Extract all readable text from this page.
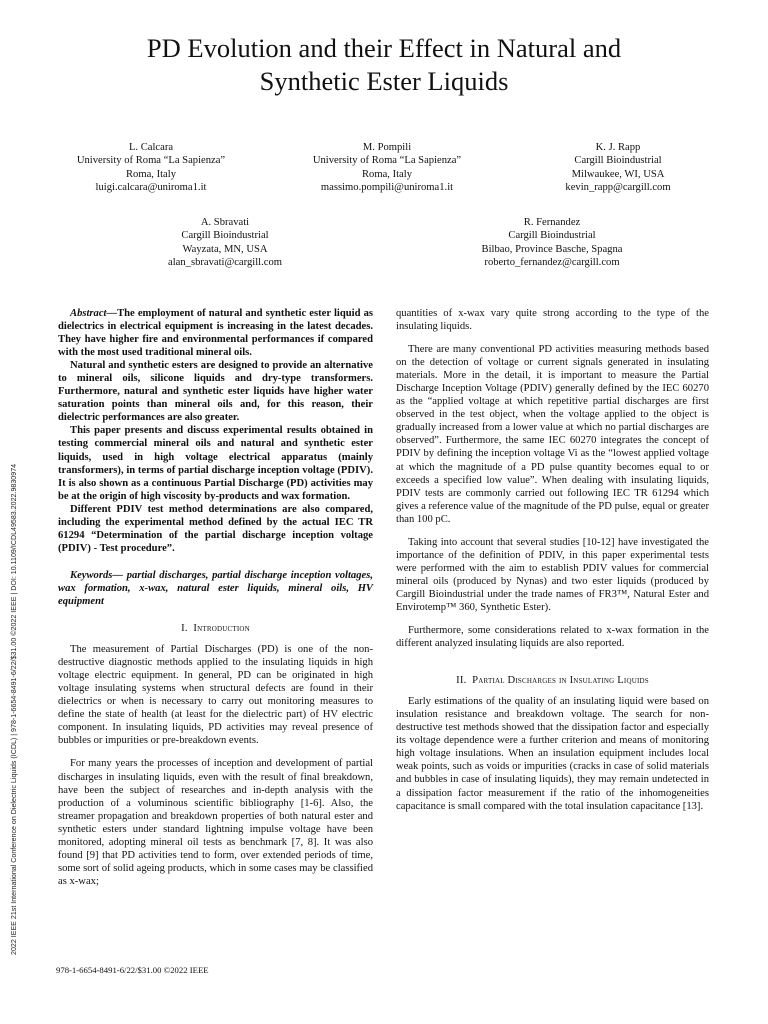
PD Evolution and their Effect in Natural and
Synthetic Ester Liquids
L. Calcara
University of Roma “La Sapienza”
Roma, Italy
luigi.calcara@uniroma1.it
M. Pompili
University of Roma “La Sapienza”
Roma, Italy
massimo.pompili@uniroma1.it
K. J. Rapp
Cargill Bioindustrial
Milwaukee, WI, USA
kevin_rapp@cargill.com
A. Sbravati
Cargill Bioindustrial
Wayzata, MN, USA
alan_sbravati@cargill.com
R. Fernandez
Cargill Bioindustrial
Bilbao, Province Basche, Spagna
roberto_fernandez@cargill.com

Abstract—The employment of natural and synthetic ester liquid as dielectrics in electrical equipment is increasing in the latest decades. They have higher fire and environmental performances if compared with the most used traditional mineral oils.

Natural and synthetic esters are designed to provide an alternative to mineral oils, silicone liquids and dry-type transformers. Furthermore, natural and synthetic ester liquids have higher water saturation points than mineral oils and, for this reason, their dielectric performances are also greater.

This paper presents and discuss experimental results obtained in testing commercial mineral oils and natural and synthetic ester liquids, used in high voltage electrical apparatus (mainly transformers), in terms of partial discharge inception voltage (PDIV). It is also shown as a continuous Partial Discharge (PD) activities may be at the origin of high viscosity by-products and wax formation.

Different PDIV test method determinations are also compared, including the experimental method defined by the actual IEC TR 61294 “Determination of the partial discharge inception voltage (PDIV) - Test procedure”.

Keywords— partial discharges, partial discharge inception voltages, wax formation, x-wax, natural ester liquids, mineral oils, HV equipment

I. Introduction

The measurement of Partial Discharges (PD) is one of the non-destructive diagnostic methods applied to the insulating liquids in high voltage electric equipment. In general, PD can be originated in high voltage insulating systems when structural defects are found in their dielectrics or when is necessary to carry out monitoring measures to define the state of health (at least for the dielectric part) of HV electric component. In insulating liquids, PD activities may reveal presence of bubbles or impurities or pre-breakdown events.

For many years the processes of inception and development of partial discharges in insulating liquids, even with the result of final breakdown, have been the subject of researches and in-depth analysis with the production of a voluminous scientific bibliography [1-6]. Also, the streamer propagation and breakdown properties of both natural ester and synthetic esters under standard lightning impulse voltage have been monitored, adopting mineral oil tests as benchmark [7, 8]. It was also found [9] that PD activities tend to form, over extended periods of time, some sort of solid ageing products, which in some cases may be classified as x-wax;

quantities of x-wax vary quite strong according to the type of the insulating liquids.

There are many conventional PD activities measuring methods based on the detection of voltage or current signals generated in insulating materials. More in the detail, it is important to measure the Partial Discharge Inception Voltage (PDIV) generally defined by the IEC 60270 as the “applied voltage at which repetitive partial discharges are first observed in the test object, when the voltage applied to the object is gradually increased from a lower value at which no partial discharges are observed”. Furthermore, the same IEC 60270 integrates the concept of PDIV by defining the inception voltage Vi as the “lowest applied voltage at which the magnitude of a PD pulse quantity becomes equal to or exceeds a specified low value”. When dealing with insulating liquids, PDIV tests are commonly carried out following IEC TR 61294 which gives a reference value of the magnitude of the PD pulse, equal or greater than 100 pC.

Taking into account that several studies [10-12] have investigated the importance of the definition of PDIV, in this paper experimental tests were performed with the aim to establish PDIV values for commercial mineral oils (produced by Nynas) and two ester liquids (produced by Cargill Bioindustrial under the trade names of FR3™, Natural Ester and Envirotemp™ 360, Synthetic Ester).

Furthermore, some considerations related to x-wax formation in the different analyzed insulating liquids are also reported.

II. Partial Discharges in Insulating Liquids

Early estimations of the quality of an insulating liquid were based on insulation resistance and breakdown voltage. The search for non-destructive test methods showed that the dissipation factor and especially its voltage dependence were a further criterion and means of monitoring high voltage insulations. When an insulation equipment includes local weak points, such as voids or impurities (cracks in case of solid materials and bubbles in case of insulating liquids), they may remain undetected in a dissipation factor measurement if the ratio of the inhomogeneities capacitance is small compared with the total insulation capacitance [13].

2022 IEEE 21st International Conference on Dielectric Liquids (ICDL) | 978-1-6654-8491-6/22/$31.00 ©2022 IEEE | DOI: 10.1109/ICDL49583.2022.9830974
978-1-6654-8491-6/22/$31.00 ©2022 IEEE
